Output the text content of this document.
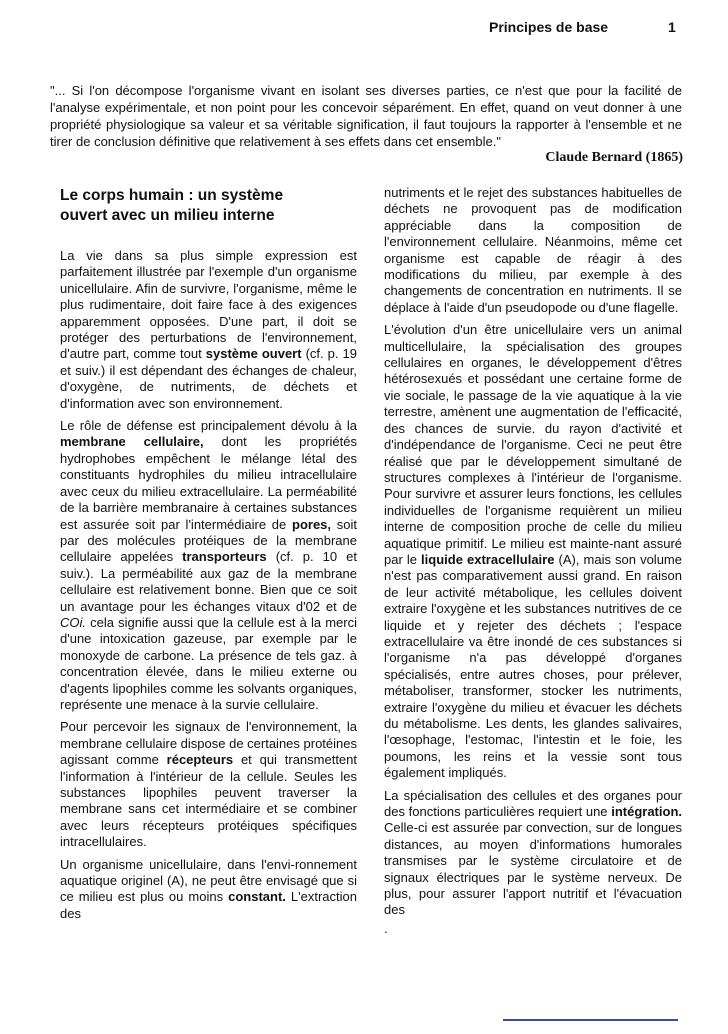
Principes de base	1

"... Si l'on décompose l'organisme vivant en isolant ses diverses parties, ce n'est que pour la facilité de l'analyse expérimentale, et non point pour les concevoir séparément. En effet, quand on veut donner à une propriété physiologique sa valeur et sa véritable signification, il faut toujours la rapporter à l'ensemble et ne tirer de conclusion définitive que relativement à ses effets dans cet ensemble."

Claude Bernard (1865)
Le corps humain : un système
ouvert avec un milieu interne

La vie dans sa plus simple expression est parfaitement illustrée par l'exemple d'un organisme unicellulaire. Afin de survivre, l'organisme, même le plus rudimentaire, doit faire face à des exigences apparemment opposées. D'une part, il doit se protéger des perturbations de l'environnement, d'autre part, comme tout système ouvert (cf. p. 19 et suiv.) il est dépendant des échanges de chaleur, d'oxygène, de nutriments, de déchets et d'information avec son environnement.

Le rôle de défense est principalement dévolu à la membrane cellulaire, dont les propriétés hydrophobes empêchent le mélange létal des constituants hydrophiles du milieu intracellulaire avec ceux du milieu extracellulaire. La perméabilité de la barrière membranaire à certaines substances est assurée soit par l'intermédiaire de pores, soit par des molécules protéiques de la membrane cellulaire appelées transporteurs (cf. p. 10 et suiv.). La perméabilité aux gaz de la membrane cellulaire est relativement bonne. Bien que ce soit un avantage pour les échanges vitaux d'02 et de COi. cela signifie aussi que la cellule est à la merci d'une intoxication gazeuse, par exemple par le monoxyde de carbone. La présence de tels gaz. à concentration élevée, dans le milieu externe ou d'agents lipophiles comme les solvants organiques, représente une menace à la survie cellulaire.

Pour percevoir les signaux de l'environnement, la membrane cellulaire dispose de certaines protéines agissant comme récepteurs et qui transmettent l'information à l'intérieur de la cellule. Seules les substances lipophiles peuvent traverser la membrane sans cet intermédiaire et se combiner avec leurs récepteurs protéiques spécifiques intracellulaires.

Un organisme unicellulaire, dans l'envi-ronnement aquatique originel (A), ne peut être envisagé que si ce milieu est plus ou moins constant. L'extraction des

nutriments et le rejet des substances habituelles de déchets ne provoquent pas de modification appréciable dans la composition de l'environnement cellulaire. Néanmoins, même cet organisme est capable de réagir à des modifications du milieu, par exemple à des changements de concentration en nutriments. Il se déplace à l'aide d'un pseudopode ou d'une flagelle.

L'évolution d'un être unicellulaire vers un animal multicellulaire, la spécialisation des groupes cellulaires en organes, le développement d'êtres hétérosexués et possédant une certaine forme de vie sociale, le passage de la vie aquatique à la vie terrestre, amènent une augmentation de l'efficacité, des chances de survie. du rayon d'activité et d'indépendance de l'organisme. Ceci ne peut être réalisé que par le développement simultané de structures complexes à l'intérieur de l'organisme. Pour survivre et assurer leurs fonctions, les cellules individuelles de l'organisme requièrent un milieu interne de composition proche de celle du milieu aquatique primitif. Le milieu est mainte-nant assuré par le liquide extracellulaire (A), mais son volume n'est pas comparativement aussi grand. En raison de leur activité métabolique, les cellules doivent extraire l'oxygène et les substances nutritives de ce liquide et y rejeter des déchets ; l'espace extracellulaire va être inondé de ces substances si l'organisme n'a pas développé d'organes spécialisés, entre autres choses, pour prélever, métaboliser, transformer, stocker les nutriments, extraire l'oxygène du milieu et évacuer les déchets du métabolisme. Les dents, les glandes salivaires, l'œsophage, l'estomac, l'intestin et le foie, les poumons, les reins et la vessie sont tous également impliqués.

La spécialisation des cellules et des organes pour des fonctions particulières requiert une intégration. Celle-ci est assurée par convection, sur de longues distances, au moyen d'informations humorales transmises par le système circulatoire et de signaux électriques par le système nerveux. De plus, pour assurer l'apport nutritif et l'évacuation des

.
